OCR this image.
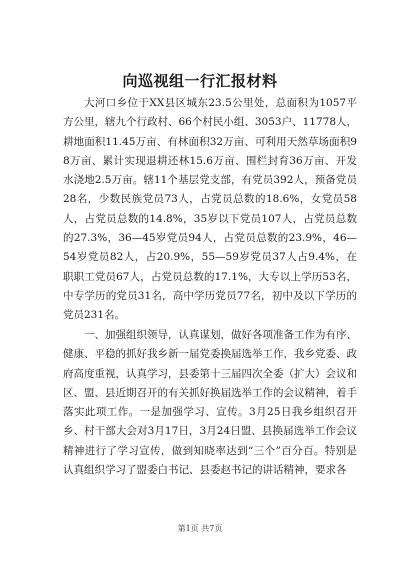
向巡视组一行汇报材料

大河口乡位于XX县区城东23.5公里处，总面积为1057平方公里，辖九个行政村、66个村民小组、3053户、11778人，耕地面积11.45万亩、有林面积32万亩、可利用天然草场面积98万亩、累计实现退耕还林15.6万亩、围栏封育36万亩、开发水浇地2.5万亩。辖11个基层党支部，有党员392人，预备党员28名，少数民族党员73人，占党员总数的18.6%，女党员58人，占党员总数的14.8%，35岁以下党员107人，占党员总数的27.3%，36—45岁党员94人，占党员总数的23.9%，46—54岁党员82人，占20.9%，55—59岁党员37人占9.4%，在职职工党员67人，占党员总数的17.1%，大专以上学历53名，中专学历的党员31名，高中学历党员77名，初中及以下学历的党员231名。

一、加强组织领导，认真谋划，做好各项准备工作为有序、健康、平稳的抓好我乡新一届党委换届选举工作，我乡党委、政府高度重视，认真学习，县委第十三届四次全委（扩大）会议和区、盟、县近期召开的有关抓好换届选举工作的会议精神，着手落实此项工作。一是加强学习、宣传。3月25日我乡组织召开乡、村干部大会对3月17日，3月24日盟、县换届选举工作会议精神进行了学习宣传，做到知晓率达到“三个”百分百。特别是认真组织学习了盟委白书记、县委赵书记的讲话精神，要求各

第1页 共7页
